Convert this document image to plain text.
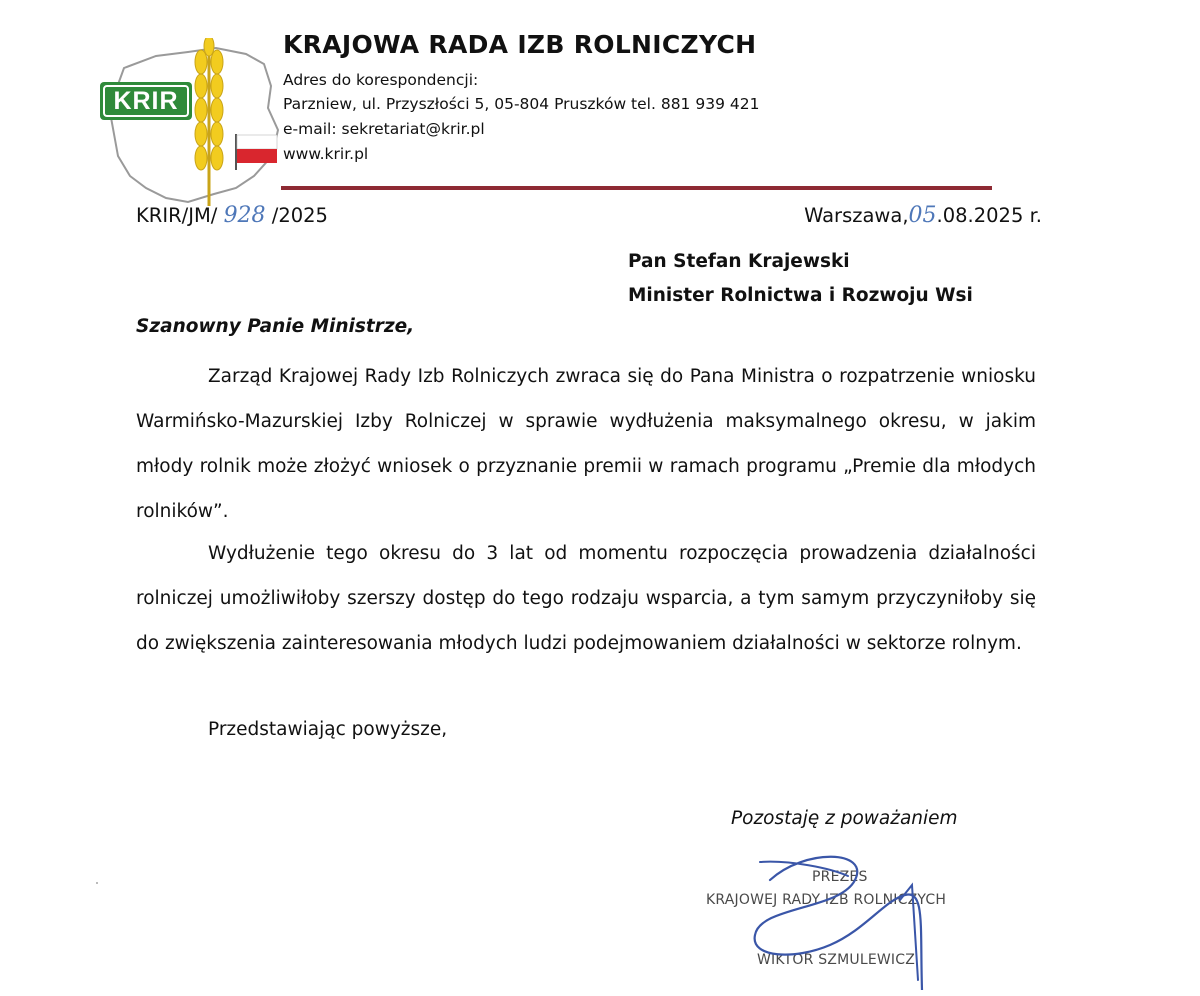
KRIR
KRAJOWA RADA IZB ROLNICZYCH
Adres do korespondencji:
Parzniew, ul. Przyszłości 5, 05-804 Pruszków tel. 881 939 421
e-mail: sekretariat@krir.pl
www.krir.pl
KRIR/JM/ 928 /2025	Warszawa,05.08.2025 r.
Pan Stefan Krajewski
Minister Rolnictwa i Rozwoju Wsi
Szanowny Panie Ministrze,

Zarząd Krajowej Rady Izb Rolniczych zwraca się do Pana Ministra o rozpatrzenie wniosku Warmińsko-Mazurskiej Izby Rolniczej w sprawie wydłużenia maksymalnego okresu, w jakim młody rolnik może złożyć wniosek o przyznanie premii w ramach programu „Premie dla młodych rolników”.

Wydłużenie tego okresu do 3 lat od momentu rozpoczęcia prowadzenia działalności rolniczej umożliwiłoby szerszy dostęp do tego rodzaju wsparcia, a tym samym przyczyniłoby się do zwiększenia zainteresowania młodych ludzi podejmowaniem działalności w sektorze rolnym.

Przedstawiając powyższe,
Pozostaję z poważaniem
PREZES
KRAJOWEJ RADY IZB ROLNICZYCH
WIKTOR SZMULEWICZ
